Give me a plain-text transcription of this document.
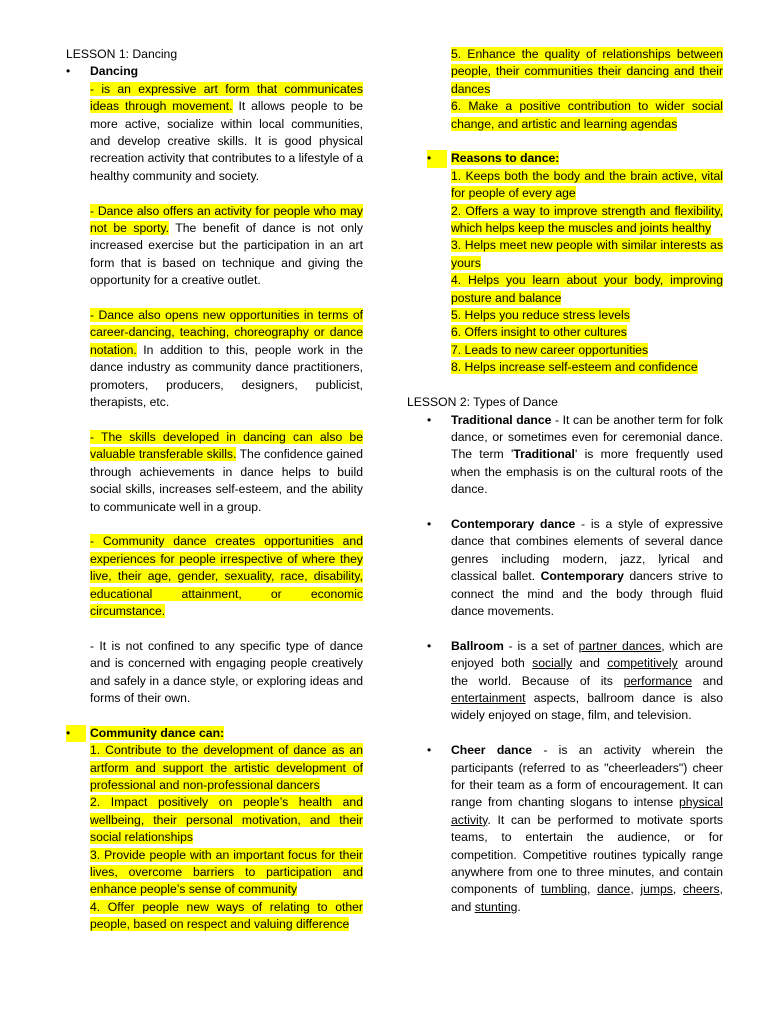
LESSON 1: Dancing

•	Dancing

- is an expressive art form that communicates ideas through movement. It allows people to be more active, socialize within local communities, and develop creative skills. It is good physical recreation activity that contributes to a lifestyle of a healthy community and society.

- Dance also offers an activity for people who may not be sporty. The benefit of dance is not only increased exercise but the participation in an art form that is based on technique and giving the opportunity for a creative outlet.

- Dance also opens new opportunities in terms of career-dancing, teaching, choreography or dance notation. In addition to this, people work in the dance industry as community dance practitioners, promoters, producers, designers, publicist, therapists, etc.

- The skills developed in dancing can also be valuable transferable skills. The confidence gained through achievements in dance helps to build social skills, increases self-esteem, and the ability to communicate well in a group.

- Community dance creates opportunities and experiences for people irrespective of where they live, their age, gender, sexuality, race, disability, educational attainment, or economic circumstance.

- It is not confined to any specific type of dance and is concerned with engaging people creatively and safely in a dance style, or exploring ideas and forms of their own.

•	Community dance can:

1. Contribute to the development of dance as an artform and support the artistic development of professional and non-professional dancers

2. Impact positively on people’s health and wellbeing, their personal motivation, and their social relationships

3. Provide people with an important focus for their lives, overcome barriers to participation and enhance people’s sense of community

4. Offer people new ways of relating to other people, based on respect and valuing difference

5. Enhance the quality of relationships between people, their communities their dancing and their dances

6. Make a positive contribution to wider social change, and artistic and learning agendas

•	Reasons to dance:

1. Keeps both the body and the brain active, vital for people of every age

2. Offers a way to improve strength and flexibility, which helps keep the muscles and joints healthy

3. Helps meet new people with similar interests as yours

4. Helps you learn about your body, improving posture and balance

5. Helps you reduce stress levels

6. Offers insight to other cultures

7. Leads to new career opportunities

8. Helps increase self-esteem and confidence

LESSON 2: Types of Dance

•	Traditional dance - It can be another term for folk dance, or sometimes even for ceremonial dance. The term 'Traditional' is more frequently used when the emphasis is on the cultural roots of the dance.

•	Contemporary dance - is a style of expressive dance that combines elements of several dance genres including modern, jazz, lyrical and classical ballet. Contemporary dancers strive to connect the mind and the body through fluid dance movements.

•	Ballroom - is a set of partner dances, which are enjoyed both socially and competitively around the world. Because of its performance and entertainment aspects, ballroom dance is also widely enjoyed on stage, film, and television.

•	Cheer dance - is an activity wherein the participants (referred to as "cheerleaders") cheer for their team as a form of encouragement. It can range from chanting slogans to intense physical activity. It can be performed to motivate sports teams, to entertain the audience, or for competition. Competitive routines typically range anywhere from one to three minutes, and contain components of tumbling, dance, jumps, cheers, and stunting.
